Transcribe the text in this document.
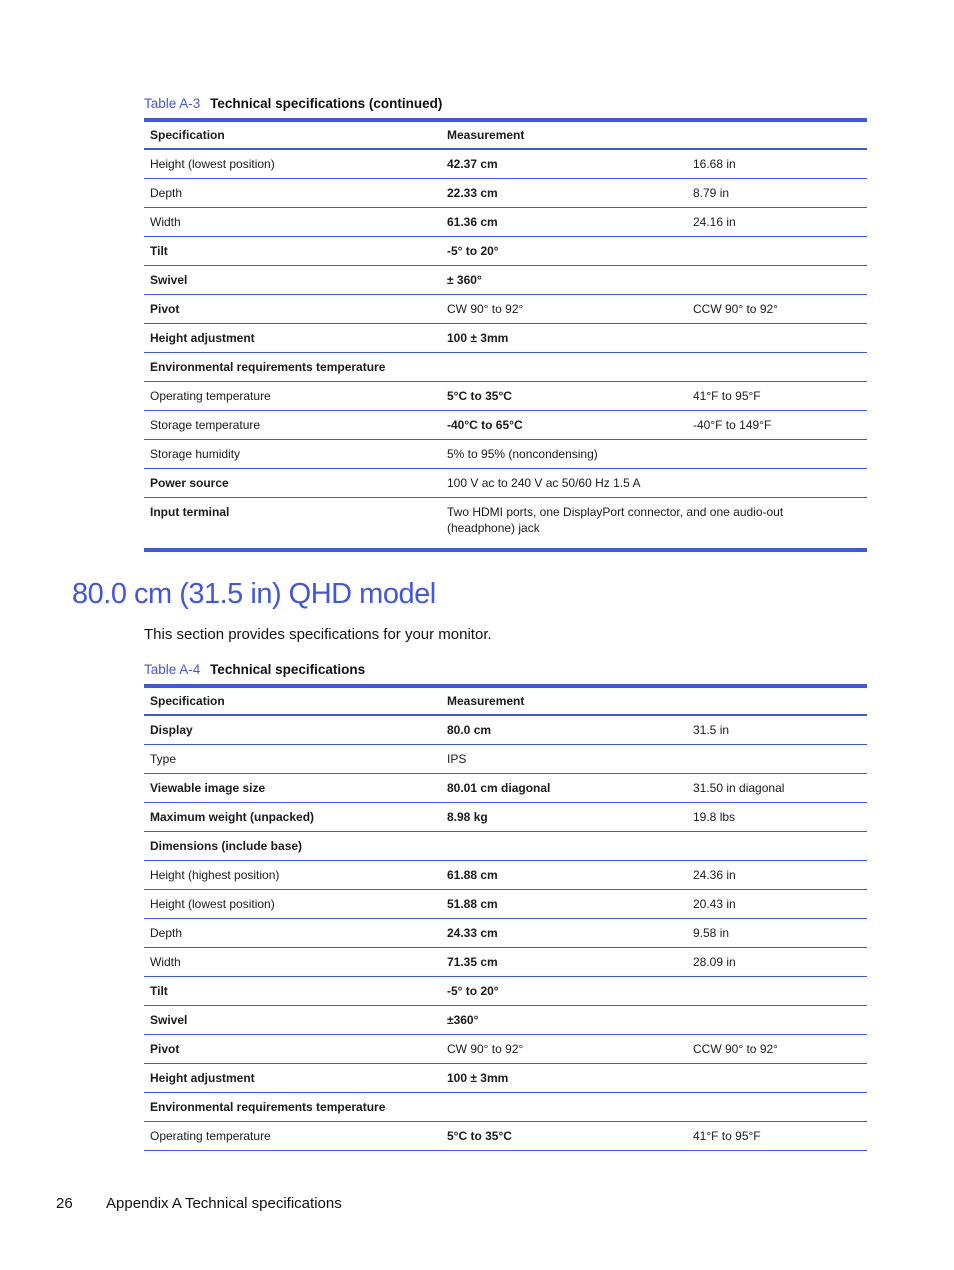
Table A-3 Technical specifications (continued)
Specification	Measurement	
Height (lowest position)	42.37 cm	16.68 in
Depth	22.33 cm	8.79 in
Width	61.36 cm	24.16 in
Tilt	-5° to 20°	
Swivel	± 360°	
Pivot	CW 90° to 92°	CCW 90° to 92°
Height adjustment	100 ± 3mm	
Environmental requirements temperature		
Operating temperature	5°C to 35°C	41°F to 95°F
Storage temperature	-40°C to 65°C	-40°F to 149°F
Storage humidity	5% to 95% (noncondensing)	
Power source	100 V ac to 240 V ac 50/60 Hz 1.5 A	
Input terminal	Two HDMI ports, one DisplayPort connector, and one audio-out (headphone) jack	
80.0 cm (31.5 in) QHD model
This section provides specifications for your monitor.
Table A-4 Technical specifications
Specification	Measurement	
Display	80.0 cm	31.5 in
Type	IPS	
Viewable image size	80.01 cm diagonal	31.50 in diagonal
Maximum weight (unpacked)	8.98 kg	19.8 lbs
Dimensions (include base)		
Height (highest position)	61.88 cm	24.36 in
Height (lowest position)	51.88 cm	20.43 in
Depth	24.33 cm	9.58 in
Width	71.35 cm	28.09 in
Tilt	-5° to 20°	
Swivel	±360°	
Pivot	CW 90° to 92°	CCW 90° to 92°
Height adjustment	100 ± 3mm	
Environmental requirements temperature		
Operating temperature	5°C to 35°C	41°F to 95°F
26 Appendix A Technical specifications
